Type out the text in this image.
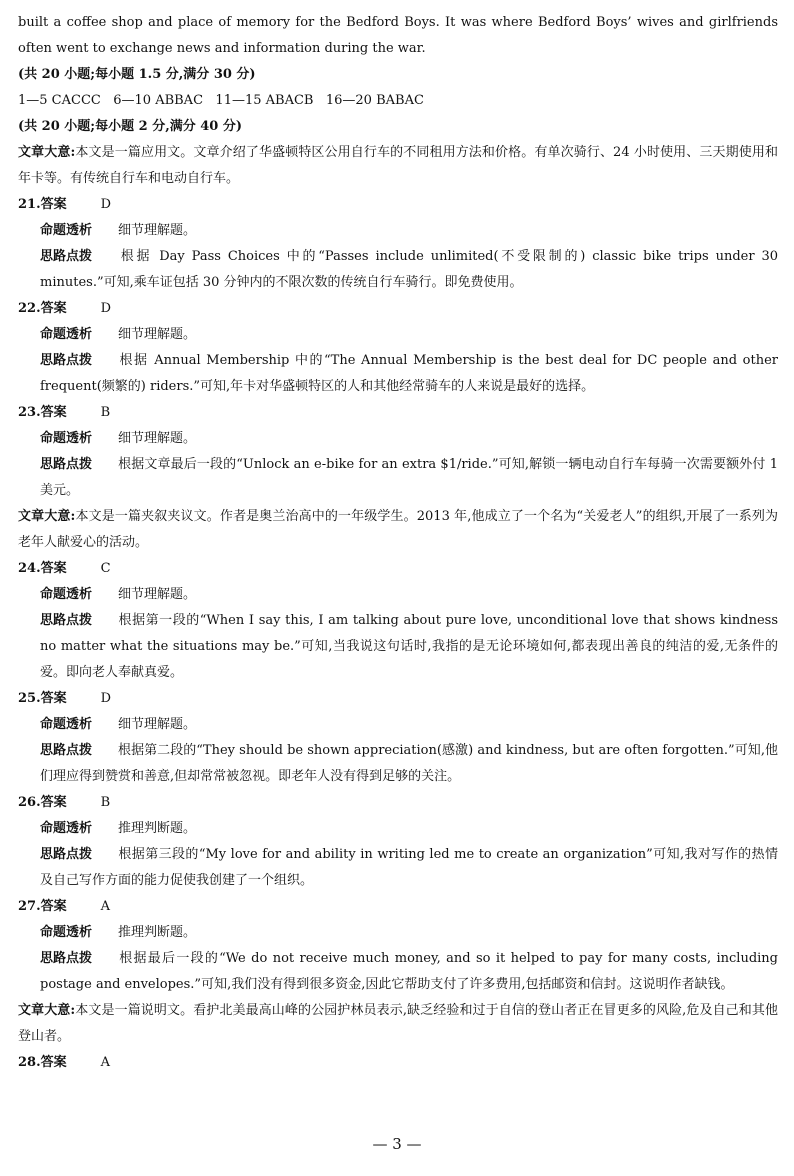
built a coffee shop and place of memory for the Bedford Boys. It was where Bedford Boys’ wives and girlfriends often went to exchange news and information during the war.

(共 20 小题;每小题 1.5 分,满分 30 分)

1—5 CACCC   6—10 ABBAC   11—15 ABACB   16—20 BABAC

(共 20 小题;每小题 2 分,满分 40 分)

文章大意:本文是一篇应用文。文章介绍了华盛顿特区公用自行车的不同租用方法和价格。有单次骑行、24 小时使用、三天期使用和年卡等。有传统自行车和电动自行车。

21.答案	D

命题透析 细节理解题。

思路点拨 根据 Day Pass Choices 中的“Passes include unlimited(不受限制的) classic bike trips under 30 minutes.”可知,乘车证包括 30 分钟内的不限次数的传统自行车骑行。即免费使用。

22.答案	D

命题透析 细节理解题。

思路点拨 根据 Annual Membership 中的“The Annual Membership is the best deal for DC people and other frequent(频繁的) riders.”可知,年卡对华盛顿特区的人和其他经常骑车的人来说是最好的选择。

23.答案	B

命题透析 细节理解题。

思路点拨 根据文章最后一段的“Unlock an e-bike for an extra $1/ride.”可知,解锁一辆电动自行车每骑一次需要额外付 1 美元。

文章大意:本文是一篇夹叙夹议文。作者是奥兰治高中的一年级学生。2013 年,他成立了一个名为“关爱老人”的组织,开展了一系列为老年人献爱心的活动。

24.答案	C

命题透析 细节理解题。

思路点拨 根据第一段的“When I say this, I am talking about pure love, unconditional love that shows kindness no matter what the situations may be.”可知,当我说这句话时,我指的是无论环境如何,都表现出善良的纯洁的爱,无条件的爱。即向老人奉献真爱。

25.答案	D

命题透析 细节理解题。

思路点拨 根据第二段的“They should be shown appreciation(感激) and kindness, but are often forgotten.”可知,他们理应得到赞赏和善意,但却常常被忽视。即老年人没有得到足够的关注。

26.答案	B

命题透析 推理判断题。

思路点拨 根据第三段的“My love for and ability in writing led me to create an organization”可知,我对写作的热情及自己写作方面的能力促使我创建了一个组织。

27.答案	A

命题透析 推理判断题。

思路点拨 根据最后一段的“We do not receive much money, and so it helped to pay for many costs, including postage and envelopes.”可知,我们没有得到很多资金,因此它帮助支付了许多费用,包括邮资和信封。这说明作者缺钱。

文章大意:本文是一篇说明文。看护北美最高山峰的公园护林员表示,缺乏经验和过于自信的登山者正在冒更多的风险,危及自己和其他登山者。

28.答案	A

— 3 —
